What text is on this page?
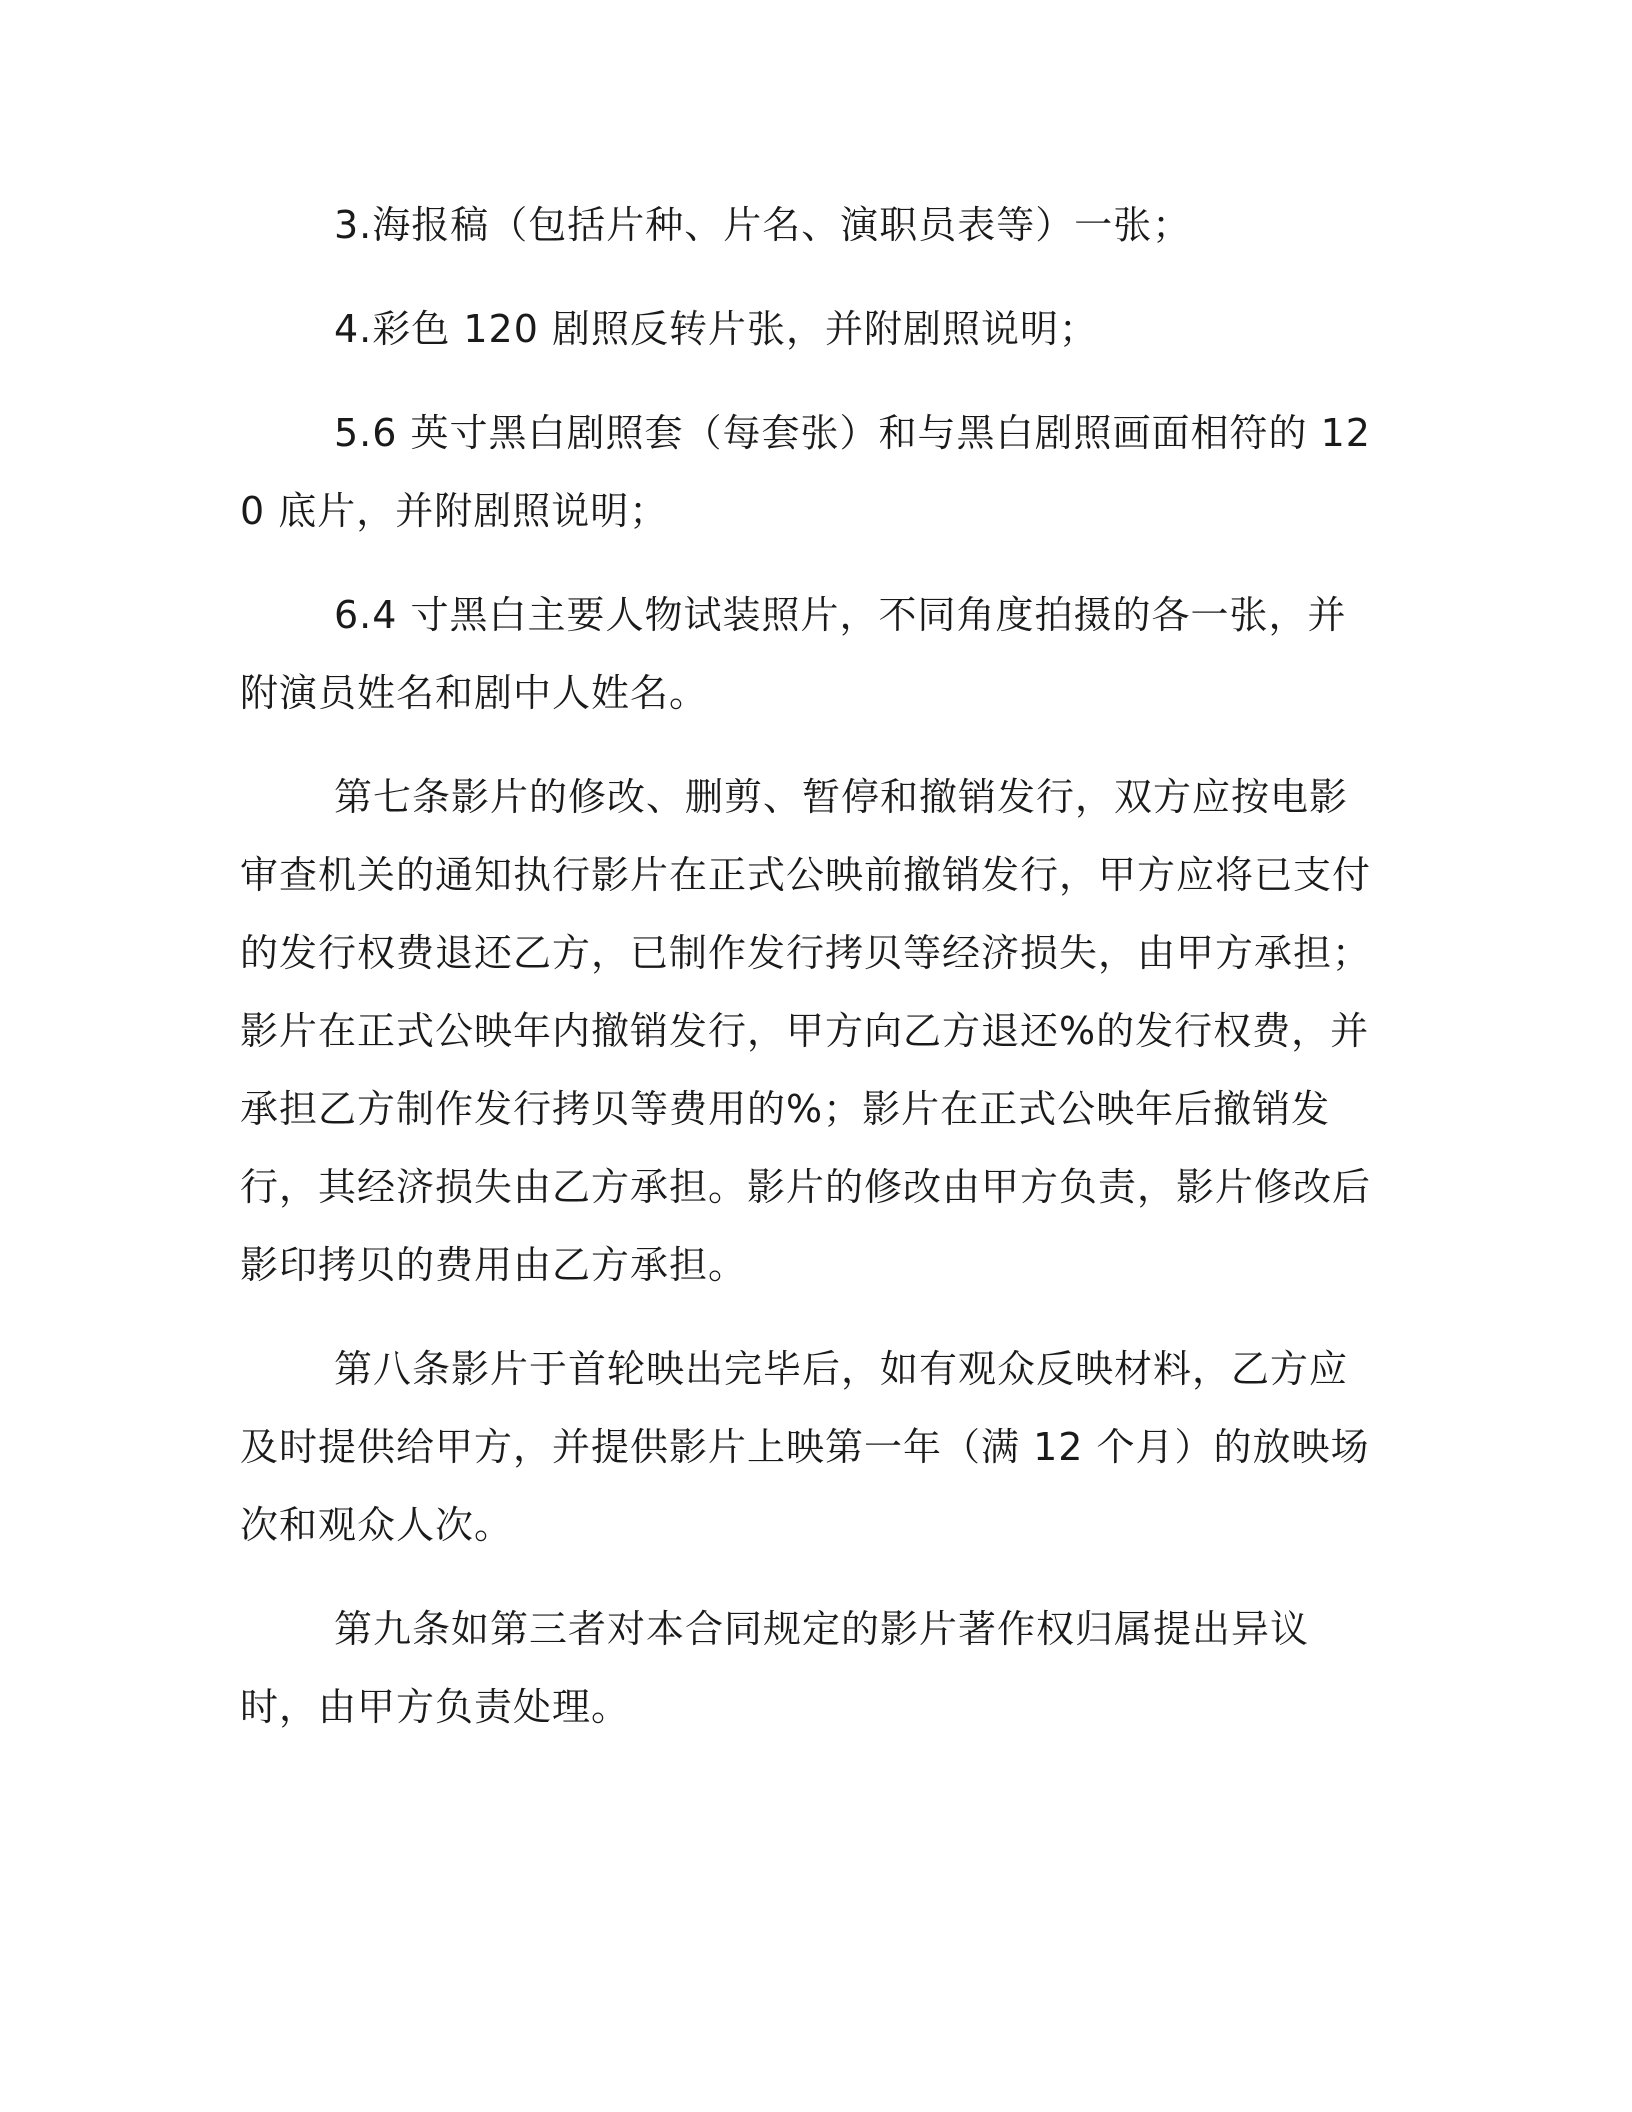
3.海报稿（包括片种、片名、演职员表等）一张；

4.彩色 120 剧照反转片张，并附剧照说明；

5.6 英寸黑白剧照套（每套张）和与黑白剧照画面相符的 120 底片，并附剧照说明；

6.4 寸黑白主要人物试装照片，不同角度拍摄的各一张，并附演员姓名和剧中人姓名。

第七条影片的修改、删剪、暂停和撤销发行，双方应按电影审查机关的通知执行影片在正式公映前撤销发行，甲方应将已支付的发行权费退还乙方，已制作发行拷贝等经济损失，由甲方承担；影片在正式公映年内撤销发行，甲方向乙方退还%的发行权费，并承担乙方制作发行拷贝等费用的%；影片在正式公映年后撤销发行，其经济损失由乙方承担。影片的修改由甲方负责，影片修改后影印拷贝的费用由乙方承担。

第八条影片于首轮映出完毕后，如有观众反映材料，乙方应及时提供给甲方，并提供影片上映第一年（满 12 个月）的放映场次和观众人次。

第九条如第三者对本合同规定的影片著作权归属提出异议时，由甲方负责处理。
